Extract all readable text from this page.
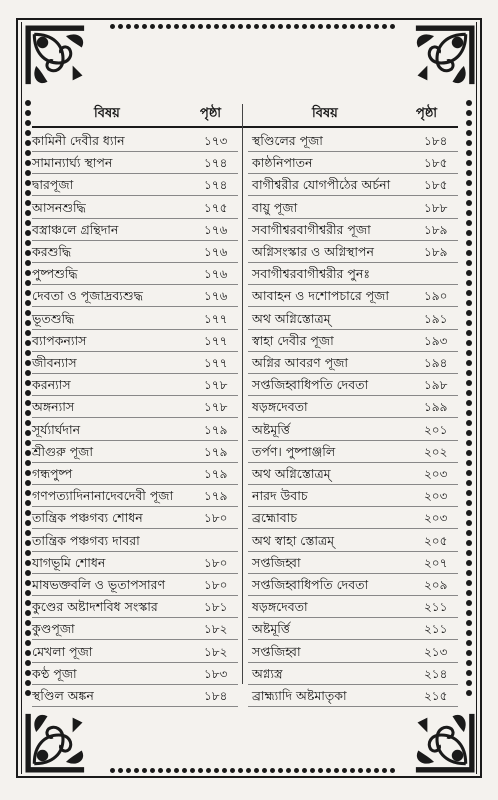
বিষয়	পৃষ্ঠা	বিষয়	পৃষ্ঠা
কামিনী দেবীর ধ্যান	১৭৩
সামান্যার্ঘ্য স্থাপন	১৭৪
দ্বারপূজা	১৭৪
আসনশুদ্ধি	১৭৫
বস্ত্রাঞ্চলে গ্রন্থিদান	১৭৬
করশুদ্ধি	১৭৬
পুষ্পশুদ্ধি	১৭৬
দেবতা ও পূজাদ্রব্যশুদ্ধ	১৭৬
ভূতশুদ্ধি	১৭৭
ব্যাপকন্যাস	১৭৭
জীবন্যাস	১৭৭
করন্যাস	১৭৮
অঙ্গন্যাস	১৭৮
সূর্য্যার্ঘদান	১৭৯
শ্রীগুরু পূজা	১৭৯
গন্ধপুষ্প	১৭৯
গণপত্যাদিনানাদেবদেবী পূজা	১৭৯
তান্ত্রিক পঞ্চগব্য শোধন	১৮০
তান্ত্রিক পঞ্চগব্য দাবরা
যাগভূমি শোধন	১৮০
মাষভক্তবলি ও ভূতাপসারণ	১৮০
কুণ্ডের অষ্টাদশবিধ সংস্কার	১৮১
কুণ্ডপূজা	১৮২
মেখলা পূজা	১৮২
কণ্ঠ পূজা	১৮৩
স্থণ্ডিল অঙ্কন	১৮৪
স্থণ্ডিলের পূজা	১৮৪
কাষ্ঠনিপাতন	১৮৫
বাগীশ্বরীর যোগপীঠের অর্চনা	১৮৫
বায়ু পূজা	১৮৮
সবাগীশ্বরবাগীশ্বরীর পূজা	১৮৯
অগ্নিসংস্কার ও অগ্নিস্থাপন	১৮৯
সবাগীশ্বরবাগীশ্বরীর পুনঃ
আবাহন ও দশোপচারে পূজা	১৯০
অথ অগ্নিস্তোত্রম্	১৯১
স্বাহা দেবীর পূজা	১৯৩
অগ্নির আবরণ পূজা	১৯৪
সপ্তজিহ্বাধিপতি দেবতা	১৯৮
ষড়ঙ্গদেবতা	১৯৯
অষ্টমূর্ত্তি	২০১
তর্পণ। পুষ্পাঞ্জলি	২০২
অথ অগ্নিস্তোত্রম্	২০৩
নারদ উবাচ	২০৩
ব্রহ্মোবাচ	২০৩
অথ স্বাহা স্তোত্রম্	২০৫
সপ্তজিহ্বা	২০৭
সপ্তজিহ্বাধিপতি দেবতা	২০৯
ষড়ঙ্গদেবতা	২১১
অষ্টমূর্ত্তি	২১১
সপ্তজিহ্বা	২১৩
অগ্ন্যস্ত্র	২১৪
ব্রাহ্ম্যাদি অষ্টমাতৃকা	২১৫
